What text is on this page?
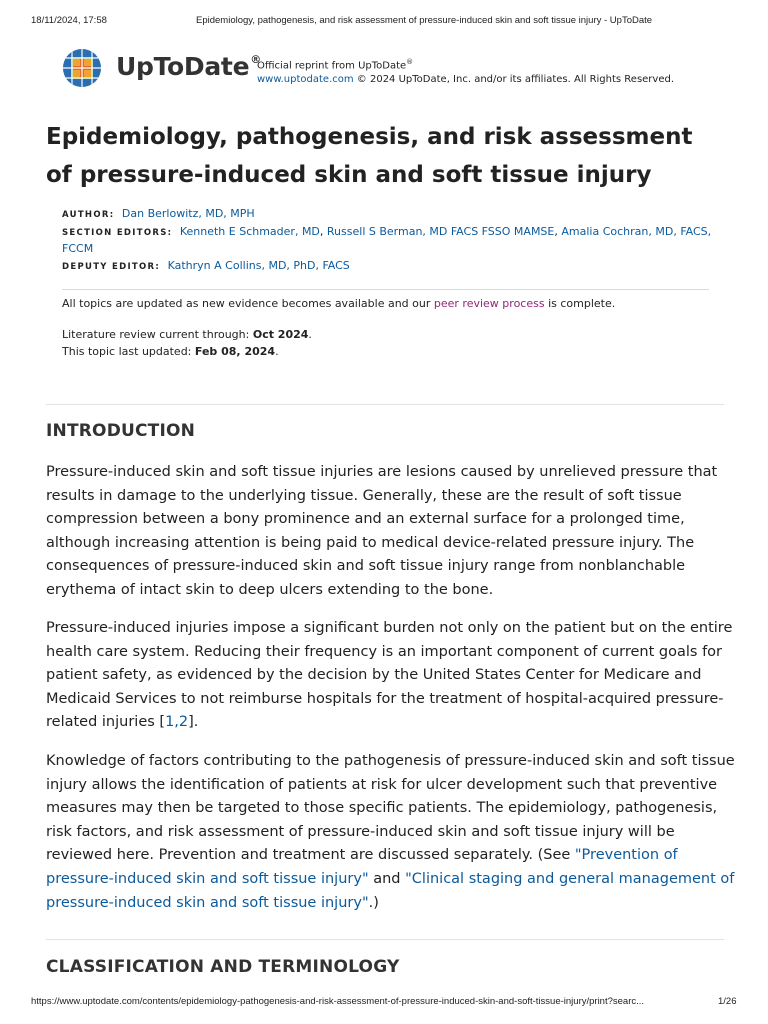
18/11/2024, 17:58	Epidemiology, pathogenesis, and risk assessment of pressure-induced skin and soft tissue injury - UpToDate
UpToDate®
Official reprint from UpToDate®
www.uptodate.com © 2024 UpToDate, Inc. and/or its affiliates. All Rights Reserved.
Epidemiology, pathogenesis, and risk assessment of pressure-induced skin and soft tissue injury
AUTHOR: Dan Berlowitz, MD, MPH
SECTION EDITORS: Kenneth E Schmader, MD, Russell S Berman, MD FACS FSSO MAMSE, Amalia Cochran, MD, FACS, FCCM
DEPUTY EDITOR: Kathryn A Collins, MD, PhD, FACS
All topics are updated as new evidence becomes available and our peer review process is complete.
Literature review current through: Oct 2024.
This topic last updated: Feb 08, 2024.
INTRODUCTION

Pressure-induced skin and soft tissue injuries are lesions caused by unrelieved pressure that results in damage to the underlying tissue. Generally, these are the result of soft tissue compression between a bony prominence and an external surface for a prolonged time, although increasing attention is being paid to medical device-related pressure injury. The consequences of pressure-induced skin and soft tissue injury range from nonblanchable erythema of intact skin to deep ulcers extending to the bone.

Pressure-induced injuries impose a significant burden not only on the patient but on the entire health care system. Reducing their frequency is an important component of current goals for patient safety, as evidenced by the decision by the United States Center for Medicare and Medicaid Services to not reimburse hospitals for the treatment of hospital-acquired pressure-related injuries [1,2].

Knowledge of factors contributing to the pathogenesis of pressure-induced skin and soft tissue injury allows the identification of patients at risk for ulcer development such that preventive measures may then be targeted to those specific patients. The epidemiology, pathogenesis, risk factors, and risk assessment of pressure-induced skin and soft tissue injury will be reviewed here. Prevention and treatment are discussed separately. (See "Prevention of pressure-induced skin and soft tissue injury" and "Clinical staging and general management of pressure-induced skin and soft tissue injury".)

CLASSIFICATION AND TERMINOLOGY
https://www.uptodate.com/contents/epidemiology-pathogenesis-and-risk-assessment-of-pressure-induced-skin-and-soft-tissue-injury/print?searc...	1/26
